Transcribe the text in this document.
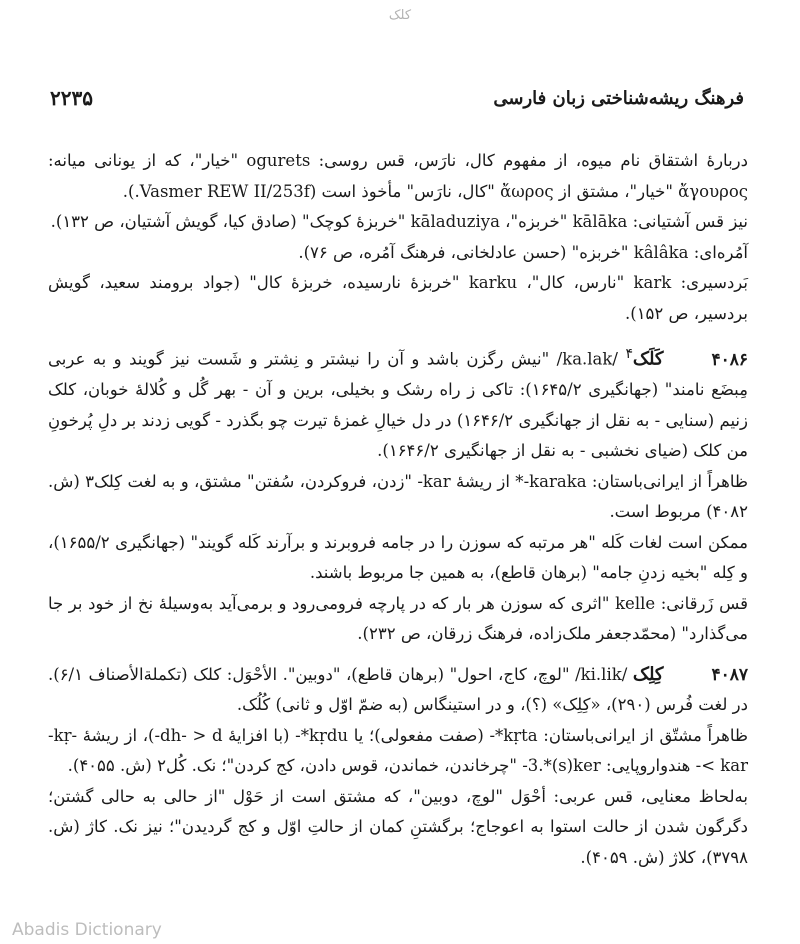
کلک
فرهنگ ریشه‌شناختی زبان فارسی
۲۲۳۵

دربارهٔ اشتقاق نام میوه، از مفهوم کال، نارَس، قس روسی: ogurets "خیار"، که از یونانی میانه: ἄγουρος "خیار"، مشتق از ἄωρος "کال، نارَس" مأخوذ است (Vasmer REW II/253f.).

نیز قس آشتیانی: kālāka "خربزه"، kāladuziya "خربزهٔ کوچک" (صادق کیا، گویش آشتیان، ص ۱۳۲).

آمُره‌ای: kâlâka "خربزه" (حسن عادلخانی، فرهنگ آمُره، ص ۷۶).

بَردسیری: kark "نارس، کال"، karku "خربزهٔ نارسیده، خربزهٔ کال" (جواد برومند سعید، گویش بردسیر، ص ۱۵۲).

۴۰۸۶کَلَک$^۴$ /ka.lak/ "نیش رگزن باشد و آن را نیشتر و نِشتر و شَست نیز گویند و به عربی مِبضَع نامند" (جهانگیری ۱۶۴۵/۲): تاکی ز راه رشک و بخیلی، برین و آن - بهر گُل و کُلالهٔ خوبان، کلک زنیم (سنایی - به نقل از جهانگیری ۱۶۴۶/۲) در دل خیالِ غمزهٔ تیرت چو بگذرد - گویی زدند بر دلِ پُرخونِ من کلک (ضیای نخشبی - به نقل از جهانگیری ۱۶۴۶/۲).

ظاهراً از ایرانی‌باستان: ‎-karaka* از ریشهٔ ‎-kar "زدن، فروکردن، سُفتن" مشتق، و به لغت کِلک۳ (ش. ۴۰۸۲) مربوط است.

ممکن است لغات کَله "هر مرتبه که سوزن را در جامه فروبرند و برآرند کَله گویند" (جهانگیری ۱۶۵۵/۲)، و کِله "بخیه زدنِ جامه" (برهان قاطع)، به همین جا مربوط باشند.

قس زَرقانی: kelle "اثری که سوزن هر بار که در پارچه فرومی‌رود و برمی‌آید به‌وسیلهٔ نخ از خود بر جا می‌گذارد" (محمّدجعفر ملک‌زاده، فرهنگ زرقان، ص ۲۳۲).

۴۰۸۷کِلِک /ki.lik/ "لوچ، کاج، احول" (برهان قاطع)، "دوبین". الأحْوَل: کلک (تکملة‌الأصناف ۶/۱). در لغت فُرس (۲۹۰)، «کِلِک» (؟)، و در استینگاس (به ضمّ اوّل و ثانی) کُلُک.

ظاهراً مشتّق از ایرانی‌باستان: ‎-*kṛta (صفت مفعولی)؛ یا ‎*kṛdu- (با افزایهٔ ‎-dh- > d)، از ریشهٔ ‎-kṛ- < kar- هندواروپایی: ‎3.*(s)ker- "چرخاندن، خماندن، قوس دادن، کج کردن"؛ نک. کُل۲ (ش. ۴۰۵۵).

به‌لحاظ معنایی، قس عربی: أحْوَل "لوچ، دوبین"، که مشتق است از حَوْل "از حالی به حالی گشتن؛ دگرگون شدن از حالت استوا به اعوجاج؛ برگشتنِ کمان از حالتِ اوّل و کج گردیدن"؛ نیز نک. کاژ (ش. ۳۷۹۸)، کلاژ (ش. ۴۰۵۹).

Abadis Dictionary
